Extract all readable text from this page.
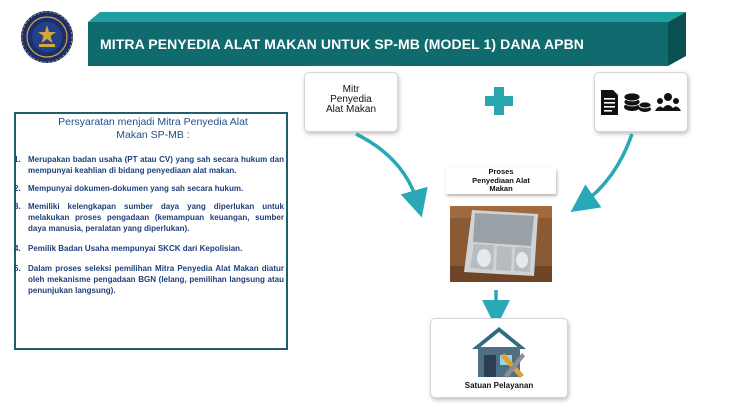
MITRA PENYEDIA ALAT MAKAN UNTUK SP-MB (MODEL 1) DANA APBN
Persyaratan menjadi Mitra Penyedia Alat
Makan SP-MB :
1. Merupakan badan usaha (PT atau CV) yang sah secara hukum dan mempunyai keahlian di bidang penyediaan alat makan.
2. Mempunyai dokumen-dokumen yang sah secara hukum.
3. Memiliki kelengkapan sumber daya yang diperlukan untuk melakukan proses pengadaan (kemampuan keuangan, sumber daya manusia, peralatan yang diperlukan).
4. Pemilik Badan Usaha mempunyai SKCK dari Kepolisian.
5. Dalam proses seleksi pemilihan Mitra Penyedia Alat Makan diatur oleh mekanisme pengadaan BGN (lelang, pemilihan langsung atau penunjukan langsung).
Mitr
Penyedia
Alat Makan
Proses
Penyediaan Alat
Makan
Satuan Pelayanan
